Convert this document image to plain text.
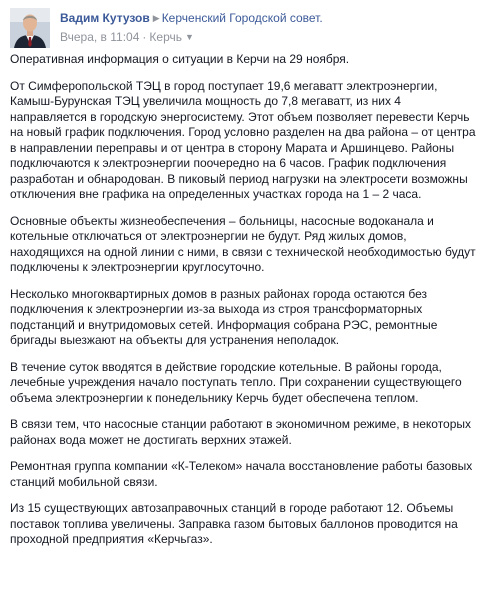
Вадим Кутузов ▶ Керченский Городской совет.
Вчера, в 11:04 · Керчь ▼

Оперативная информация о ситуации в Керчи на 29 ноября.

От Симферопольской ТЭЦ в город поступает 19,6 мегаватт электроэнергии, Камыш-Бурунская ТЭЦ увеличила мощность до 7,8 мегаватт, из них 4 направляется в городскую энергосистему. Этот объем позволяет перевести Керчь на новый график подключения. Город условно разделен на два района – от центра в направлении переправы и от центра в сторону Марата и Аршинцево. Районы подключаются к электроэнергии поочередно на 6 часов. График подключения разработан и обнародован. В пиковый период нагрузки на электросети возможны отключения вне графика на определенных участках города на 1 – 2 часа.

Основные объекты жизнеобеспечения – больницы, насосные водоканала и котельные отключаться от электроэнергии не будут. Ряд жилых домов, находящихся на одной линии с ними, в связи с технической необходимостью будут подключены к электроэнергии круглосуточно.

Несколько многоквартирных домов в разных районах города остаются без подключения к электроэнергии из-за выхода из строя трансформаторных подстанций и внутридомовых сетей. Информация собрана РЭС, ремонтные бригады выезжают на объекты для устранения неполадок.

В течение суток вводятся в действие городские котельные. В районы города, лечебные учреждения начало поступать тепло. При сохранении существующего объема электроэнергии к понедельнику Керчь будет обеспечена теплом.

В связи тем, что насосные станции работают в экономичном режиме, в некоторых районах вода может не достигать верхних этажей.

Ремонтная группа компании «К-Телеком» начала восстановление работы базовых станций мобильной связи.

Из 15 существующих автозаправочных станций в городе работают 12. Объемы поставок топлива увеличены. Заправка газом бытовых баллонов проводится на проходной предприятия «Керчьгаз».
